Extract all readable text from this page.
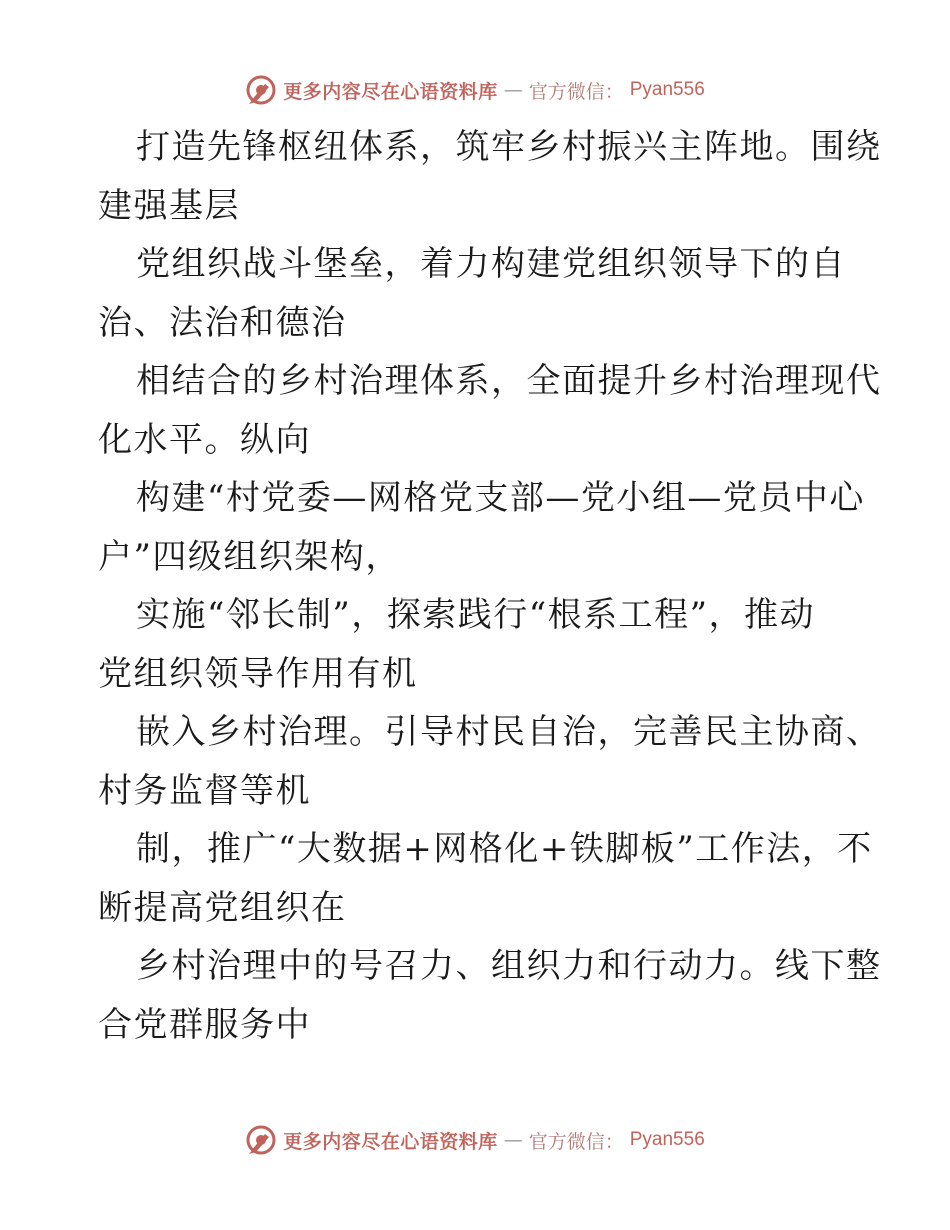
更多内容尽在心语资料库 — 官方微信： Pyan556
打造先锋枢纽体系，筑牢乡村振兴主阵地。围绕
建强基层
党组织战斗堡垒，着力构建党组织领导下的自
治、法治和德治
相结合的乡村治理体系，全面提升乡村治理现代
化水平。纵向
构建“村党委—网格党支部—党小组—党员中心
户”四级组织架构，
实施“邻长制”，探索践行“根系工程”，推动
党组织领导作用有机
嵌入乡村治理。引导村民自治，完善民主协商、
村务监督等机
制，推广“大数据+网格化+铁脚板”工作法，不
断提高党组织在
乡村治理中的号召力、组织力和行动力。线下整
合党群服务中
更多内容尽在心语资料库 — 官方微信： Pyan556
